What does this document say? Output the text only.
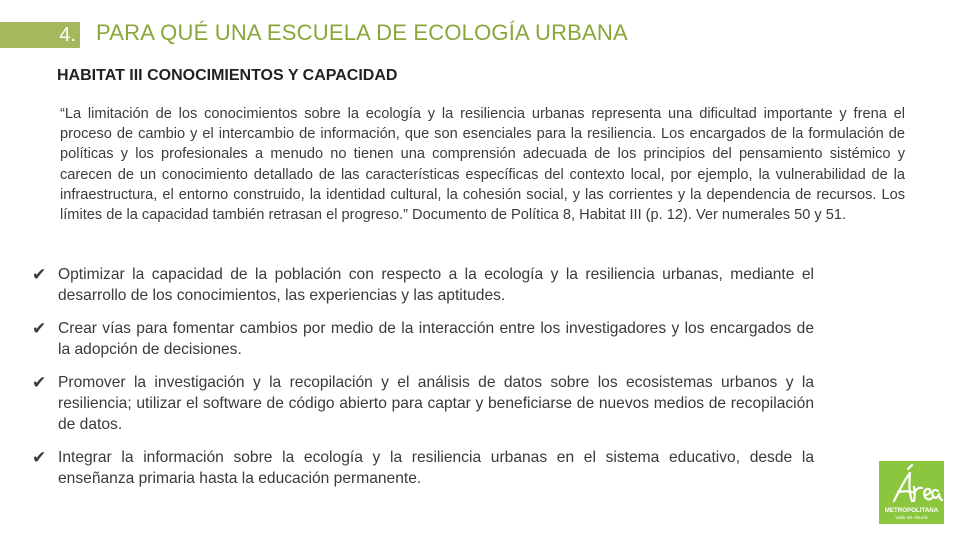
4. PARA QUÉ UNA ESCUELA DE ECOLOGÍA URBANA
HABITAT III CONOCIMIENTOS Y CAPACIDAD
“La limitación de los conocimientos sobre la ecología y la resiliencia urbanas representa una dificultad importante y frena el proceso de cambio y el intercambio de información, que son esenciales para la resiliencia. Los encargados de la formulación de políticas y los profesionales a menudo no tienen una comprensión adecuada de los principios del pensamiento sistémico y carecen de un conocimiento detallado de las características específicas del contexto local, por ejemplo, la vulnerabilidad de la infraestructura, el entorno construido, la identidad cultural, la cohesión social, y las corrientes y la dependencia de recursos. Los límites de la capacidad también retrasan el progreso.” Documento de Política 8, Habitat III (p. 12). Ver numerales 50 y 51.
✔ Optimizar la capacidad de la población con respecto a la ecología y la resiliencia urbanas, mediante el desarrollo de los conocimientos, las experiencias y las aptitudes.
✔ Crear vías para fomentar cambios por medio de la interacción entre los investigadores y los encargados de la adopción de decisiones.
✔ Promover la investigación y la recopilación y el análisis de datos sobre los ecosistemas urbanos y la resiliencia; utilizar el software de código abierto para captar y beneficiarse de nuevos medios de recopilación de datos.
✔ Integrar la información sobre la ecología y la resiliencia urbanas en el sistema educativo, desde la enseñanza primaria hasta la educación permanente.
METROPOLITANA
Valle de Aburrá
